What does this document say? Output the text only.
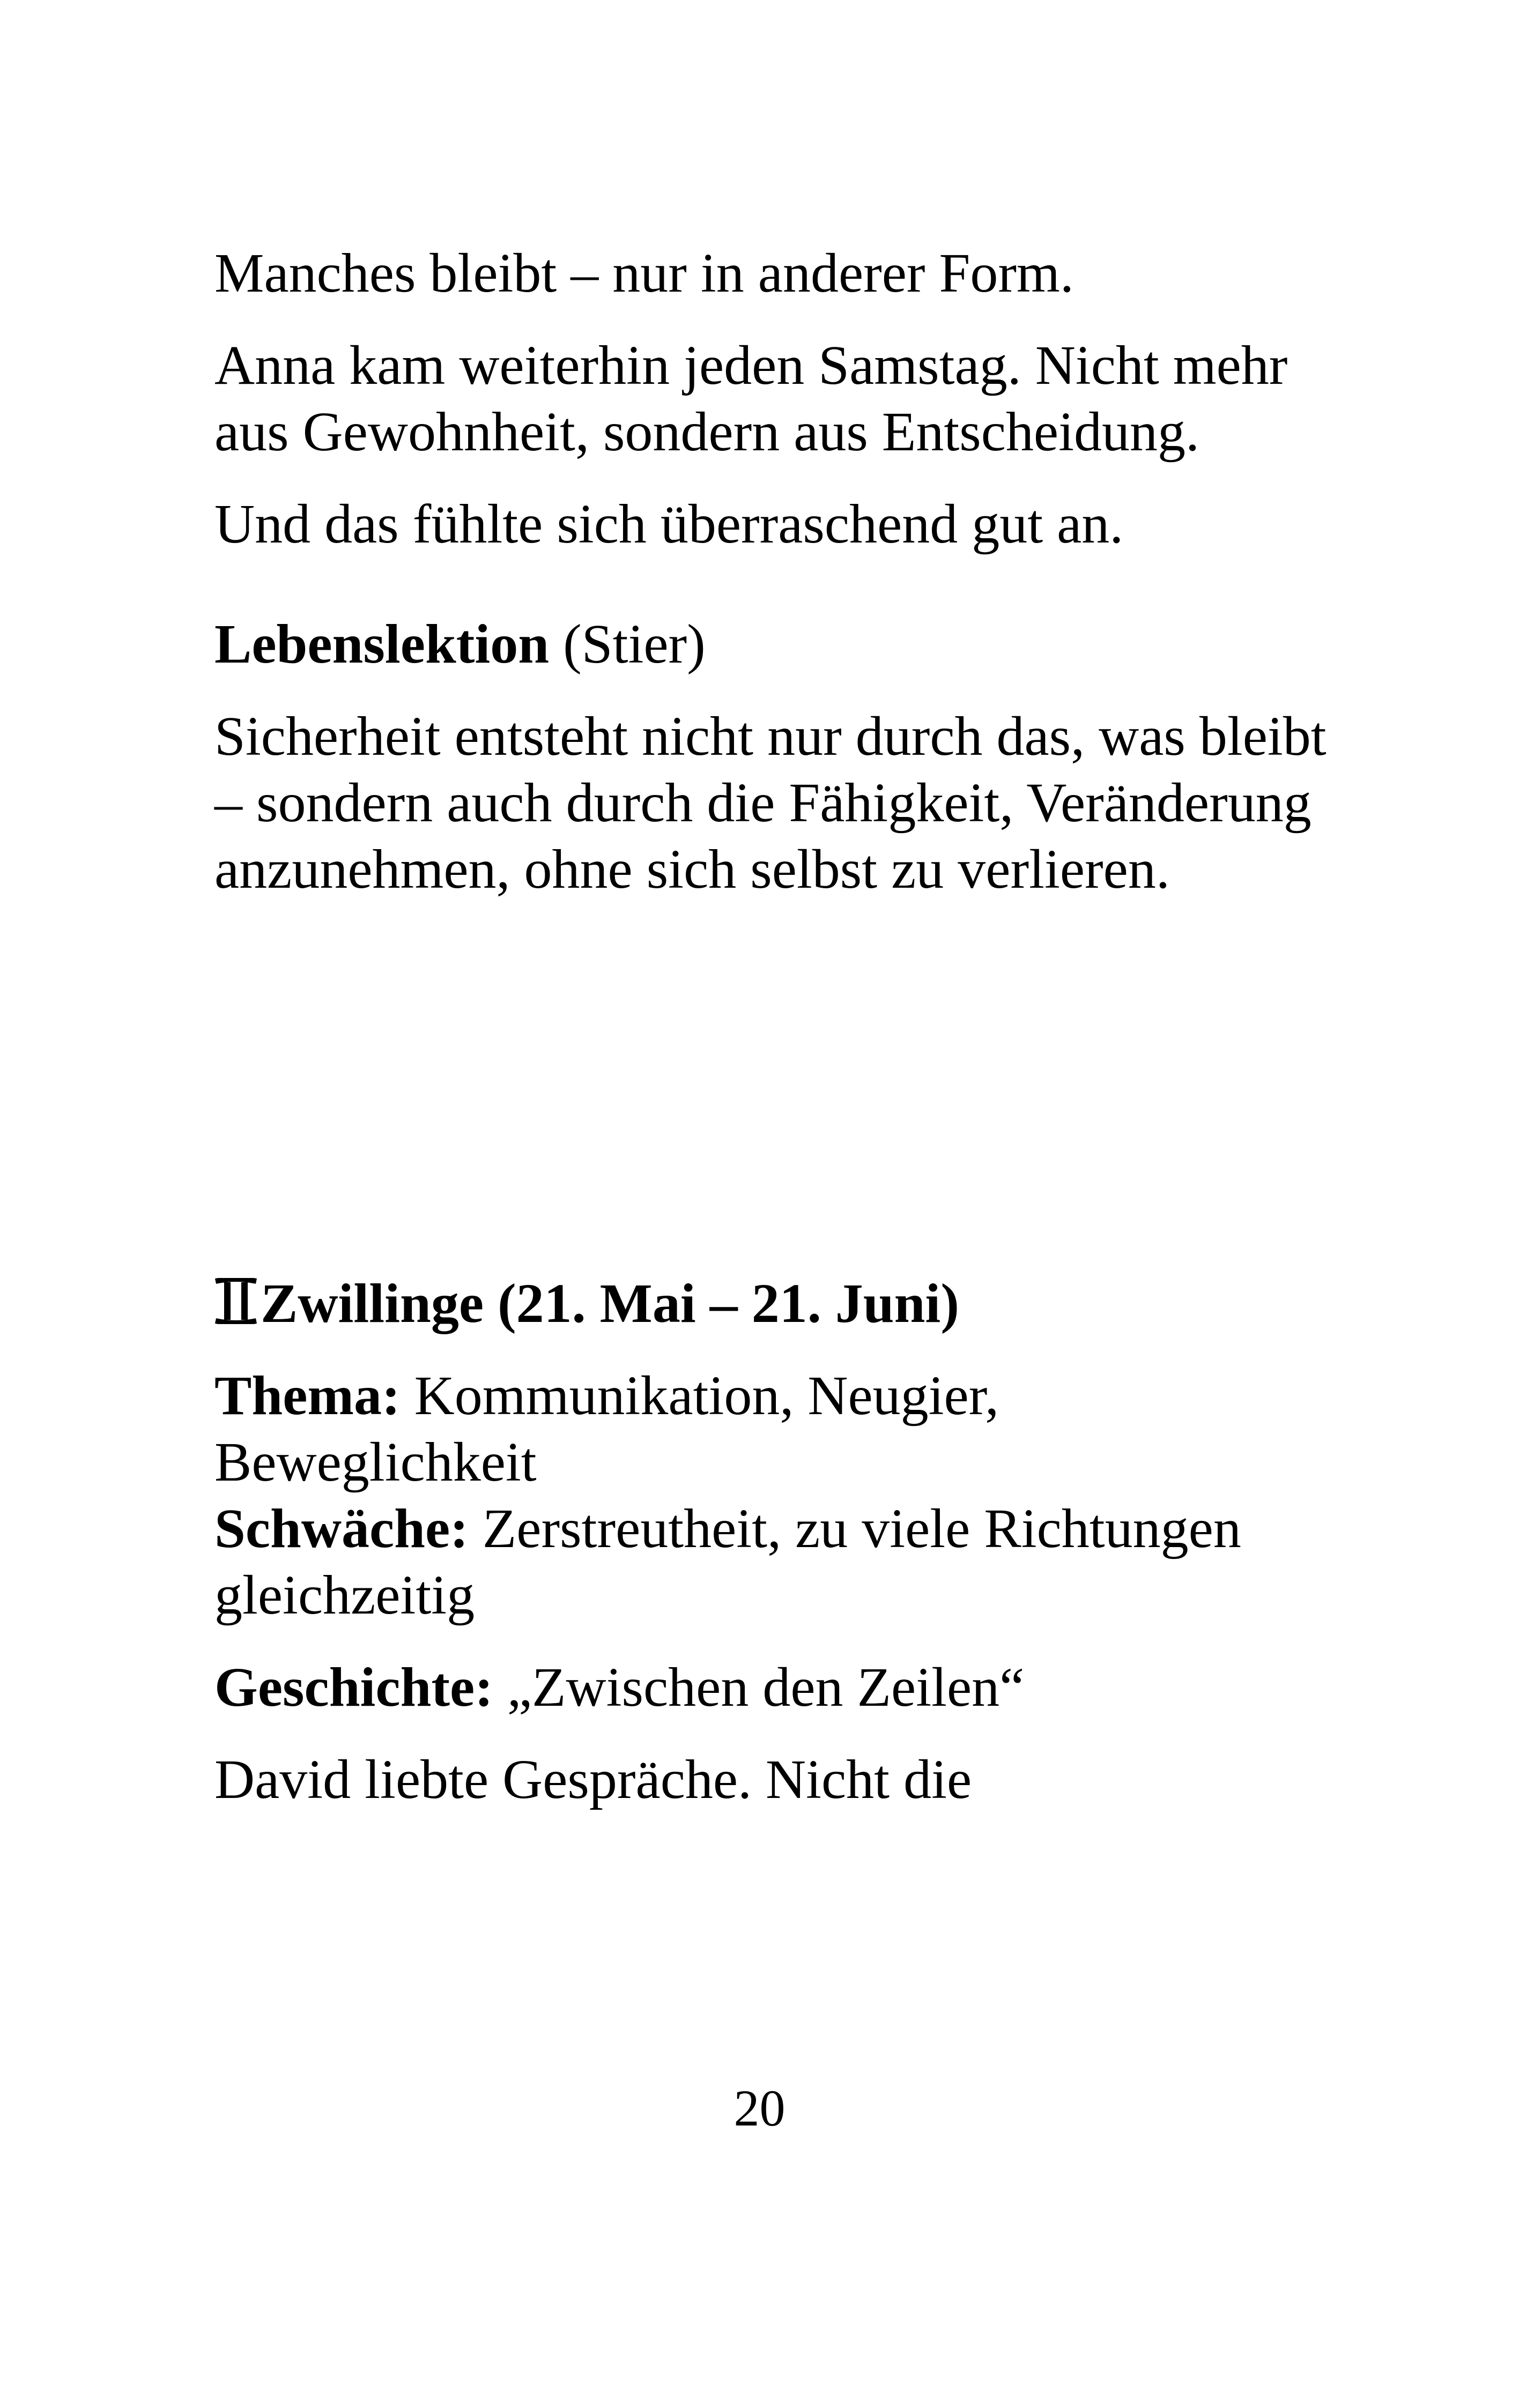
Manches bleibt – nur in anderer Form.

Anna kam weiterhin jeden Samstag. Nicht mehr aus Gewohnheit, sondern aus Entscheidung.

Und das fühlte sich überraschend gut an.

Lebenslektion (Stier)

Sicherheit entsteht nicht nur durch das, was bleibt – sondern auch durch die Fähigkeit, Veränderung anzunehmen, ohne sich selbst zu verlieren.

Zwillinge (21. Mai – 21. Juni)

Thema: Kommunikation, Neugier, Beweglichkeit

Schwäche: Zerstreutheit, zu viele Richtungen gleichzeitig

Geschichte: „Zwischen den Zeilen“

David liebte Gespräche. Nicht die

20
